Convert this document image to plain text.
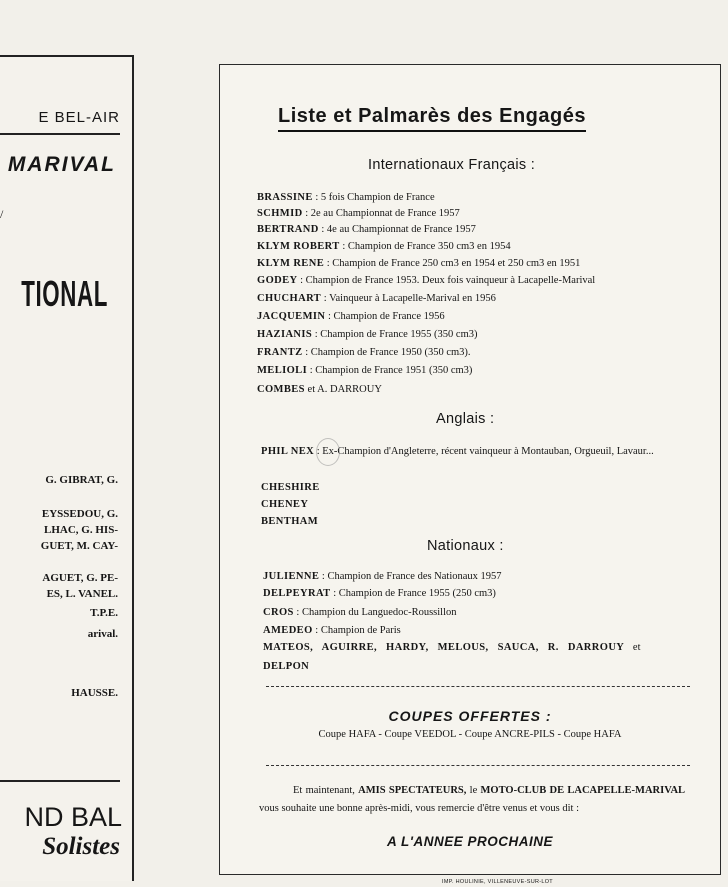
E BEL-AIR
MARIVAL
/
TIONAL
G. GIBRAT, G.
EYSSEDOU, G.
LHAC, G. HIS-
GUET, M. CAY-
AGUET, G. PE-
ES, L. VANEL.
T.P.E.
arival.
HAUSSE.
ND BAL
Solistes
Liste et Palmarès des Engagés
Internationaux Français :
BRASSINE : 5 fois Champion de France
SCHMID : 2e au Championnat de France 1957
BERTRAND : 4e au Championnat de France 1957
KLYM ROBERT : Champion de France 350 cm3 en 1954
KLYM RENE : Champion de France 250 cm3 en 1954 et 250 cm3 en 1951
GODEY : Champion de France 1953. Deux fois vainqueur à Lacapelle-Marival
CHUCHART : Vainqueur à Lacapelle-Marival en 1956
JACQUEMIN : Champion de France 1956
HAZIANIS : Champion de France 1955 (350 cm3)
FRANTZ : Champion de France 1950 (350 cm3).
MELIOLI : Champion de France 1951 (350 cm3)
COMBES et A. DARROUY
Anglais :
PHIL NEX : Ex-Champion d'Angleterre, récent vainqueur à Montauban, Orgueuil, Lavaur...
CHESHIRE
CHENEY
BENTHAM
Nationaux :
JULIENNE : Champion de France des Nationaux 1957
DELPEYRAT : Champion de France 1955 (250 cm3)
CROS : Champion du Languedoc-Roussillon
AMEDEO : Champion de Paris
MATEOS, AGUIRRE, HARDY, MELOUS, SAUCA, R. DARROUY et
DELPON
COUPES OFFERTES :
Coupe HAFA - Coupe VEEDOL - Coupe ANCRE-PILS - Coupe HAFA
Et maintenant, AMIS SPECTATEURS, le MOTO-CLUB DE LACAPELLE-MARIVAL vous souhaite une bonne après-midi, vous remercie d'être venus et vous dit :
A L'ANNEE PROCHAINE
IMP. HOULINIE, VILLENEUVE-SUR-LOT
